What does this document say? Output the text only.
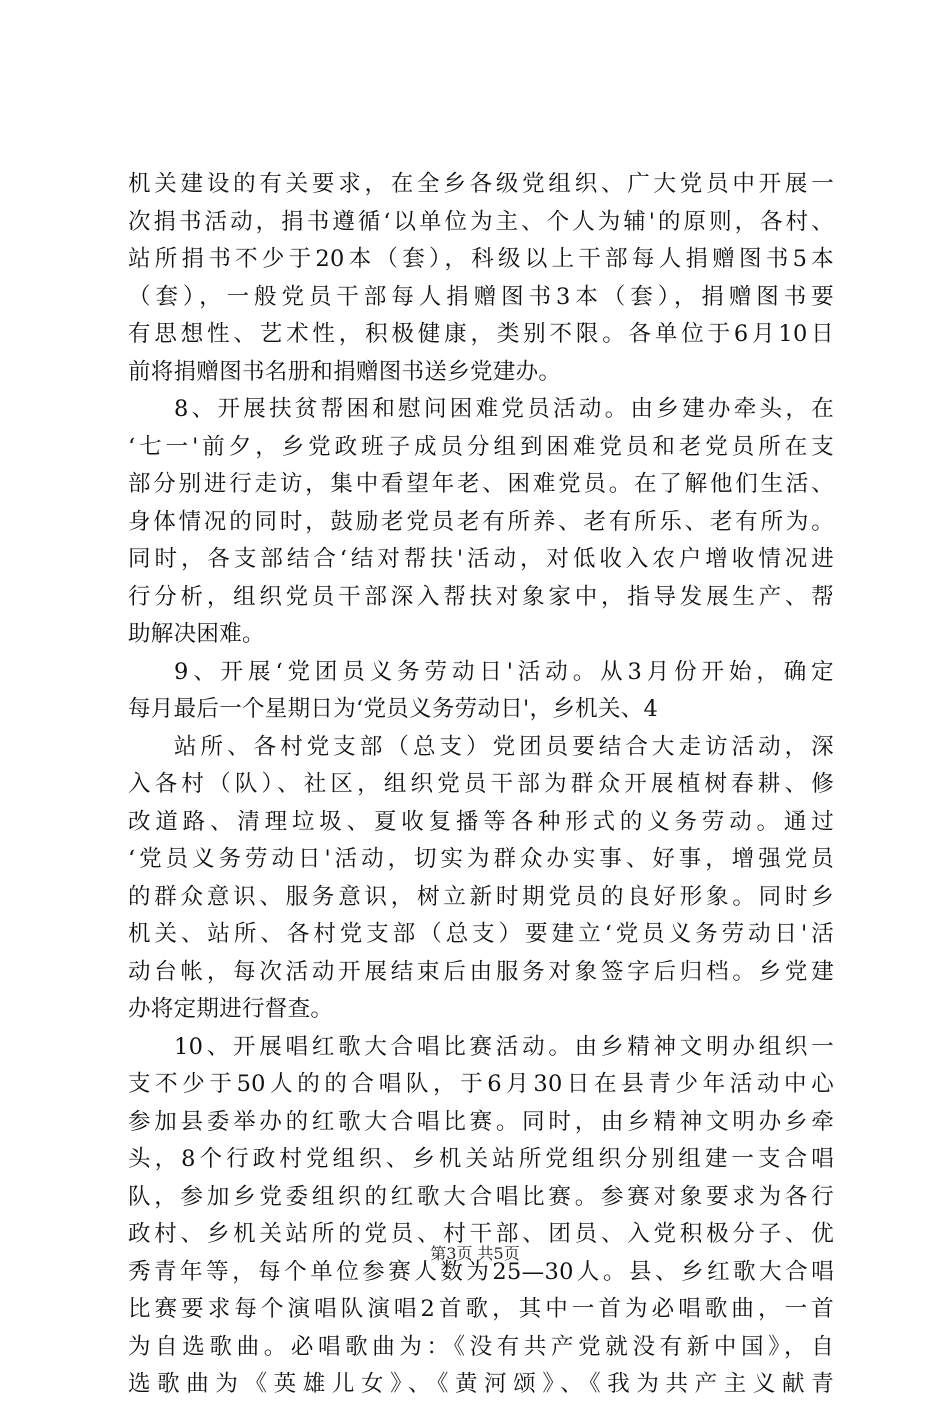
机关建设的有关要求，在全乡各级党组织、广大党员中开展一
次捐书活动，捐书遵循‘以单位为主、个人为辅'的原则，各村、
站所捐书不少于20本（套），科级以上干部每人捐赠图书5本
（套），一般党员干部每人捐赠图书3本（套），捐赠图书要
有思想性、艺术性，积极健康，类别不限。各单位于6月10日
前将捐赠图书名册和捐赠图书送乡党建办。
8、开展扶贫帮困和慰问困难党员活动。由乡建办牵头，在
‘七一'前夕，乡党政班子成员分组到困难党员和老党员所在支
部分别进行走访，集中看望年老、困难党员。在了解他们生活、
身体情况的同时，鼓励老党员老有所养、老有所乐、老有所为。
同时，各支部结合‘结对帮扶'活动，对低收入农户增收情况进
行分析，组织党员干部深入帮扶对象家中，指导发展生产、帮
助解决困难。
9、开展‘党团员义务劳动日'活动。从3月份开始，确定
每月最后一个星期日为‘党员义务劳动日'，乡机关、4
站所、各村党支部（总支）党团员要结合大走访活动，深
入各村（队）、社区，组织党员干部为群众开展植树春耕、修
改道路、清理垃圾、夏收复播等各种形式的义务劳动。通过
‘党员义务劳动日'活动，切实为群众办实事、好事，增强党员
的群众意识、服务意识，树立新时期党员的良好形象。同时乡
机关、站所、各村党支部（总支）要建立‘党员义务劳动日'活
动台帐，每次活动开展结束后由服务对象签字后归档。乡党建
办将定期进行督查。
10、开展唱红歌大合唱比赛活动。由乡精神文明办组织一
支不少于50人的的合唱队，于6月30日在县青少年活动中心
参加县委举办的红歌大合唱比赛。同时，由乡精神文明办乡牵
头，8个行政村党组织、乡机关站所党组织分别组建一支合唱
队，参加乡党委组织的红歌大合唱比赛。参赛对象要求为各行
政村、乡机关站所的党员、村干部、团员、入党积极分子、优
秀青年等，每个单位参赛人数为25—30人。县、乡红歌大合唱
比赛要求每个演唱队演唱2首歌，其中一首为必唱歌曲，一首
为自选歌曲。必唱歌曲为：《没有共产党就没有新中国》，自
选歌曲为《英雄儿女》、《黄河颂》、《我为共产主义献青
第3页 共5页
